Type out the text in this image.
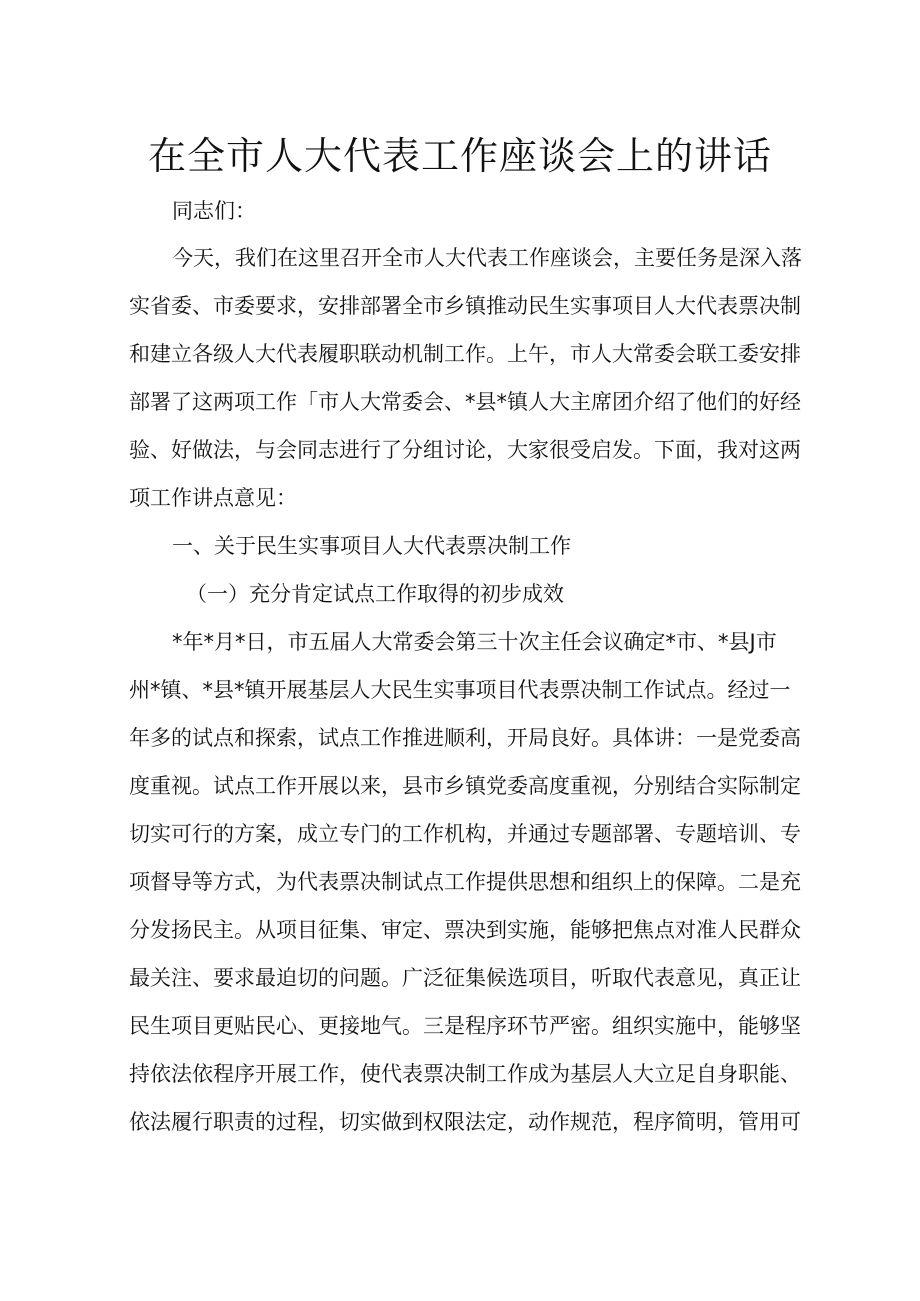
在全市人大代表工作座谈会上的讲话

同志们：

今天，我们在这里召开全市人大代表工作座谈会，主要任务是深入落

实省委、市委要求，安排部署全市乡镇推动民生实事项目人大代表票决制

和建立各级人大代表履职联动机制工作。上午，市人大常委会联工委安排

部署了这两项工作「市人大常委会、*县*镇人大主席团介绍了他们的好经

验、好做法，与会同志进行了分组讨论，大家很受启发。下面，我对这两

项工作讲点意见：

一、关于民生实事项目人大代表票决制工作

（一）充分肯定试点工作取得的初步成效

*年*月*日，市五届人大常委会第三十次主任会议确定*市、*县J市

州*镇、*县*镇开展基层人大民生实事项目代表票决制工作试点。经过一

年多的试点和探索，试点工作推进顺利，开局良好。具体讲：一是党委高

度重视。试点工作开展以来，县市乡镇党委高度重视，分别结合实际制定

切实可行的方案，成立专门的工作机构，并通过专题部署、专题培训、专

项督导等方式，为代表票决制试点工作提供思想和组织上的保障。二是充

分发扬民主。从项目征集、审定、票决到实施，能够把焦点对准人民群众

最关注、要求最迫切的问题。广泛征集候选项目，听取代表意见，真正让

民生项目更贴民心、更接地气。三是程序环节严密。组织实施中，能够坚

持依法依程序开展工作，使代表票决制工作成为基层人大立足自身职能、

依法履行职责的过程，切实做到权限法定，动作规范，程序简明，管用可
